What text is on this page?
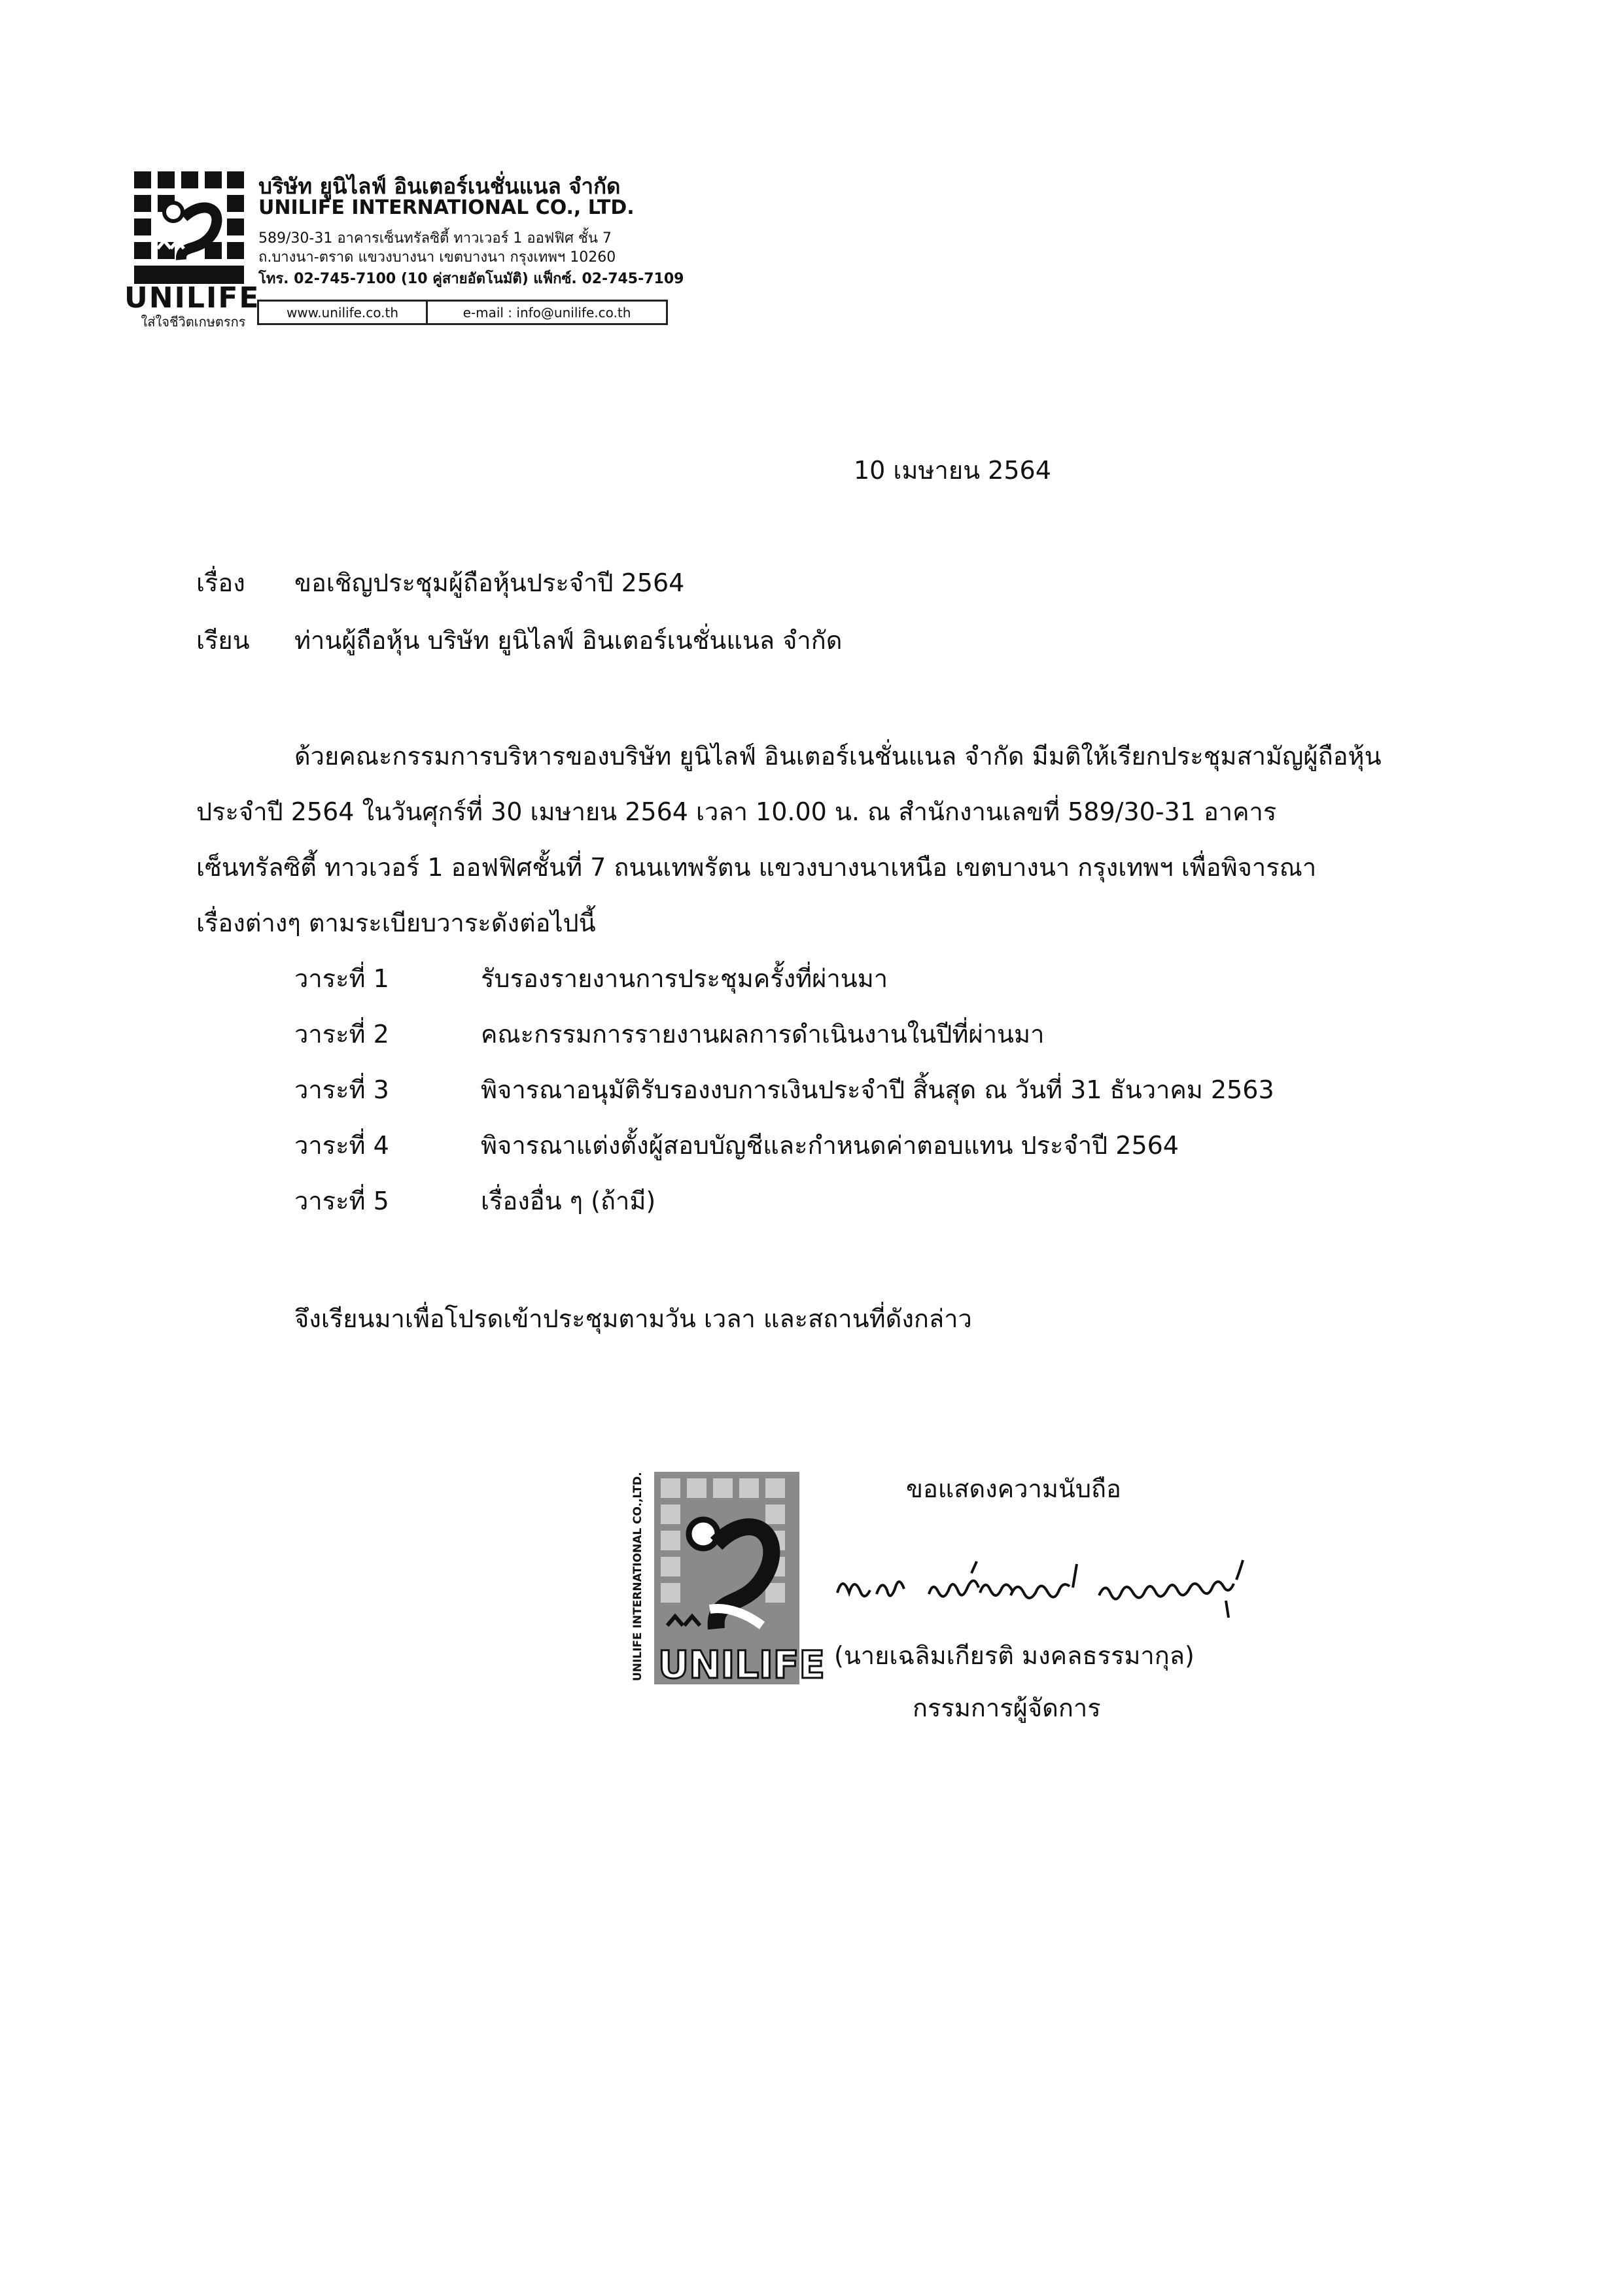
UNILIFE
ใส่ใจชีวิตเกษตรกร
บริษัท ยูนิไลฟ์ อินเตอร์เนชั่นแนล จำกัด
UNILIFE INTERNATIONAL CO., LTD.
589/30-31 อาคารเซ็นทรัลซิตี้ ทาวเวอร์ 1 ออฟฟิศ ชั้น 7
ถ.บางนา-ตราด แขวงบางนา เขตบางนา กรุงเทพฯ 10260
โทร. 02-745-7100 (10 คู่สายอัตโนมัติ) แฟ็กซ์. 02-745-7109
www.unilife.co.th	e-mail : info@unilife.co.th
10 เมษายน 2564
เรื่อง ขอเชิญประชุมผู้ถือหุ้นประจำปี 2564
เรียน ท่านผู้ถือหุ้น บริษัท ยูนิไลฟ์ อินเตอร์เนชั่นแนล จำกัด
ด้วยคณะกรรมการบริหารของบริษัท ยูนิไลฟ์ อินเตอร์เนชั่นแนล จำกัด มีมติให้เรียกประชุมสามัญผู้ถือหุ้น
ประจำปี 2564 ในวันศุกร์ที่ 30 เมษายน 2564 เวลา 10.00 น. ณ สำนักงานเลขที่ 589/30-31 อาคาร
เซ็นทรัลซิตี้ ทาวเวอร์ 1 ออฟฟิศชั้นที่ 7 ถนนเทพรัตน แขวงบางนาเหนือ เขตบางนา กรุงเทพฯ เพื่อพิจารณา
เรื่องต่างๆ ตามระเบียบวาระดังต่อไปนี้
วาระที่ 1	รับรองรายงานการประชุมครั้งที่ผ่านมา
วาระที่ 2	คณะกรรมการรายงานผลการดำเนินงานในปีที่ผ่านมา
วาระที่ 3	พิจารณาอนุมัติรับรองงบการเงินประจำปี สิ้นสุด ณ วันที่ 31 ธันวาคม 2563
วาระที่ 4	พิจารณาแต่งตั้งผู้สอบบัญชีและกำหนดค่าตอบแทน ประจำปี 2564
วาระที่ 5	เรื่องอื่น ๆ (ถ้ามี)
จึงเรียนมาเพื่อโปรดเข้าประชุมตามวัน เวลา และสถานที่ดังกล่าว
ขอแสดงความนับถือ
UNILIFE INTERNATIONAL CO.,LTD. UNILIFE
นาย เฉลิมเกียรติ มงคลธรรมากุล
(นายเฉลิมเกียรติ มงคลธรรมากุล)
กรรมการผู้จัดการ
